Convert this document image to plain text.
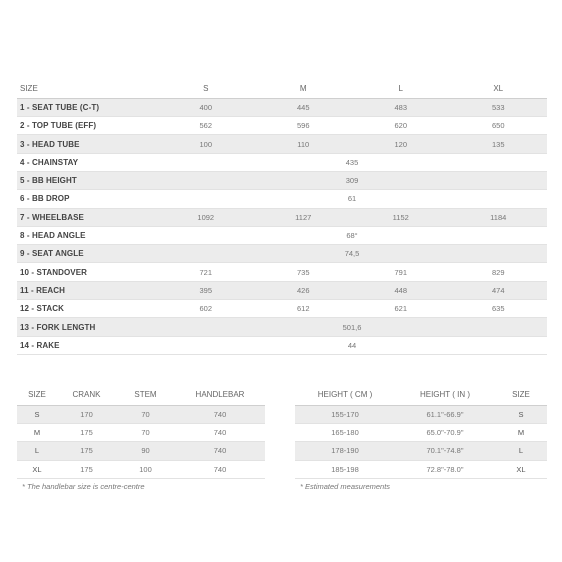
SIZE	S	M	L	XL
1 - SEAT TUBE (C-T)	400	445	483	533
2 - TOP TUBE (EFF)	562	596	620	650
3 - HEAD TUBE	100	110	120	135
4 - CHAINSTAY	435			
5 - BB HEIGHT	309			
6 - BB DROP	61			
7 - WHEELBASE	1092	1127	1152	1184
8 - HEAD ANGLE	68°			
9 - SEAT ANGLE	74,5			
10 - STANDOVER	721	735	791	829
11 - REACH	395	426	448	474
12 - STACK	602	612	621	635
13 - FORK LENGTH	501,6			
14 - RAKE	44			
SIZE	CRANK	STEM	HANDLEBAR
S	170	70	740
M	175	70	740
L	175	90	740
XL	175	100	740
HEIGHT ( CM )	HEIGHT ( IN )	SIZE
155-170	61.1"-66.9"	S
165-180	65.0"-70.9"	M
178-190	70.1"-74.8"	L
185-198	72.8"-78.0"	XL
* The handlebar size is centre-centre	* Estimated measurements
